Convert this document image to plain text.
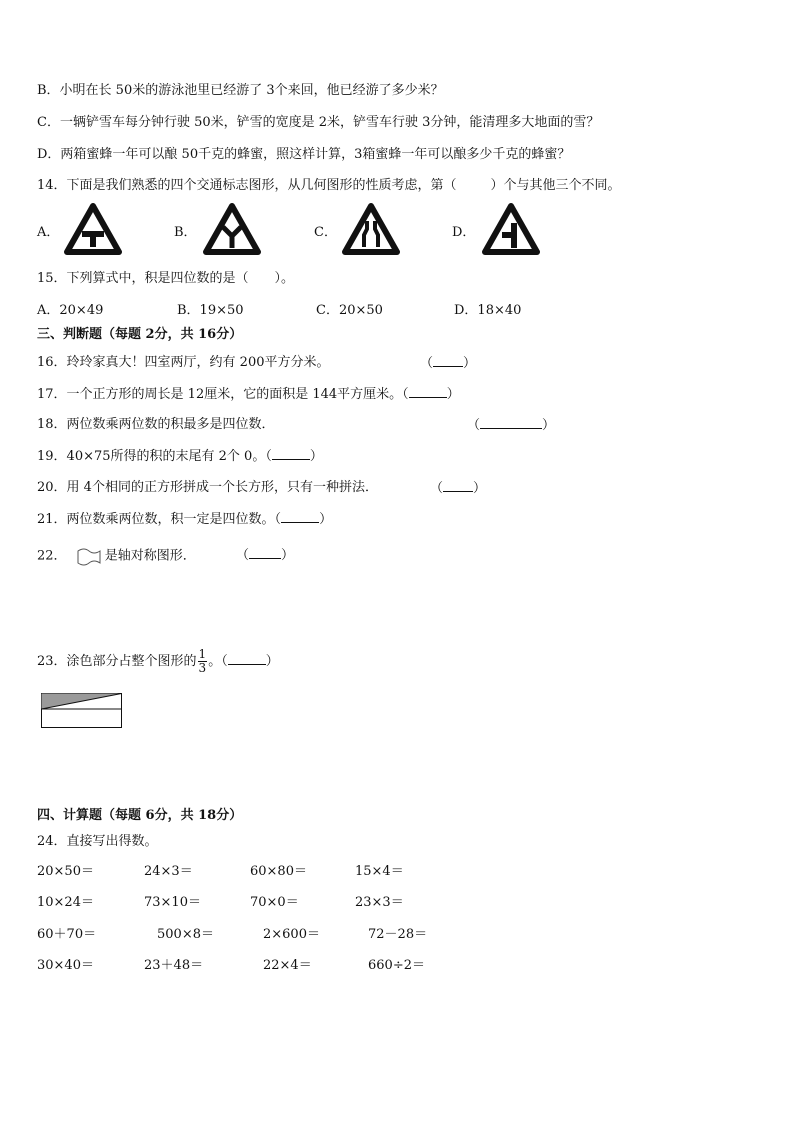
B．小明在长 50米的游泳池里已经游了 3个来回，他已经游了多少米？
C．一辆铲雪车每分钟行驶 50米，铲雪的宽度是 2米，铲雪车行驶 3分钟，能清理多大地面的雪？
D．两箱蜜蜂一年可以酿 50千克的蜂蜜，照这样计算，3箱蜜蜂一年可以酿多少千克的蜂蜜？
14．下面是我们熟悉的四个交通标志图形，从几何图形的性质考虑，第（	）个与其他三个不同。
A．	B．	C．	D．
15．下列算式中，积是四位数的是（　　）。
A．20×49	B．19×50	C．20×50	D．18×40
三、判断题（每题 2分，共 16分）
16．玲玲家真大！四室两厅，约有 200平方分米。	（ ）
17．一个正方形的周长是 12厘米，它的面积是 144平方厘米。（	）
18．两位数乘两位数的积最多是四位数．	（	）
19．40×75所得的积的末尾有 2个 0。（	）
20．用 4个相同的正方形拼成一个长方形，只有一种拼法．	（ ）
21．两位数乘两位数，积一定是四位数。（	）
22．	是轴对称图形．	（ ）
23．涂色部分占整个图形的 $\frac{1}{3}$ 。（	）
四、计算题（每题 6分，共 18分）
24．直接写出得数。
20×50＝	24×3＝	60×80＝	15×4＝
10×24＝	73×10＝	70×0＝	23×3＝
60＋70＝	500×8＝	2×600＝	72－28＝
30×40＝	23＋48＝	22×4＝	660÷2＝
